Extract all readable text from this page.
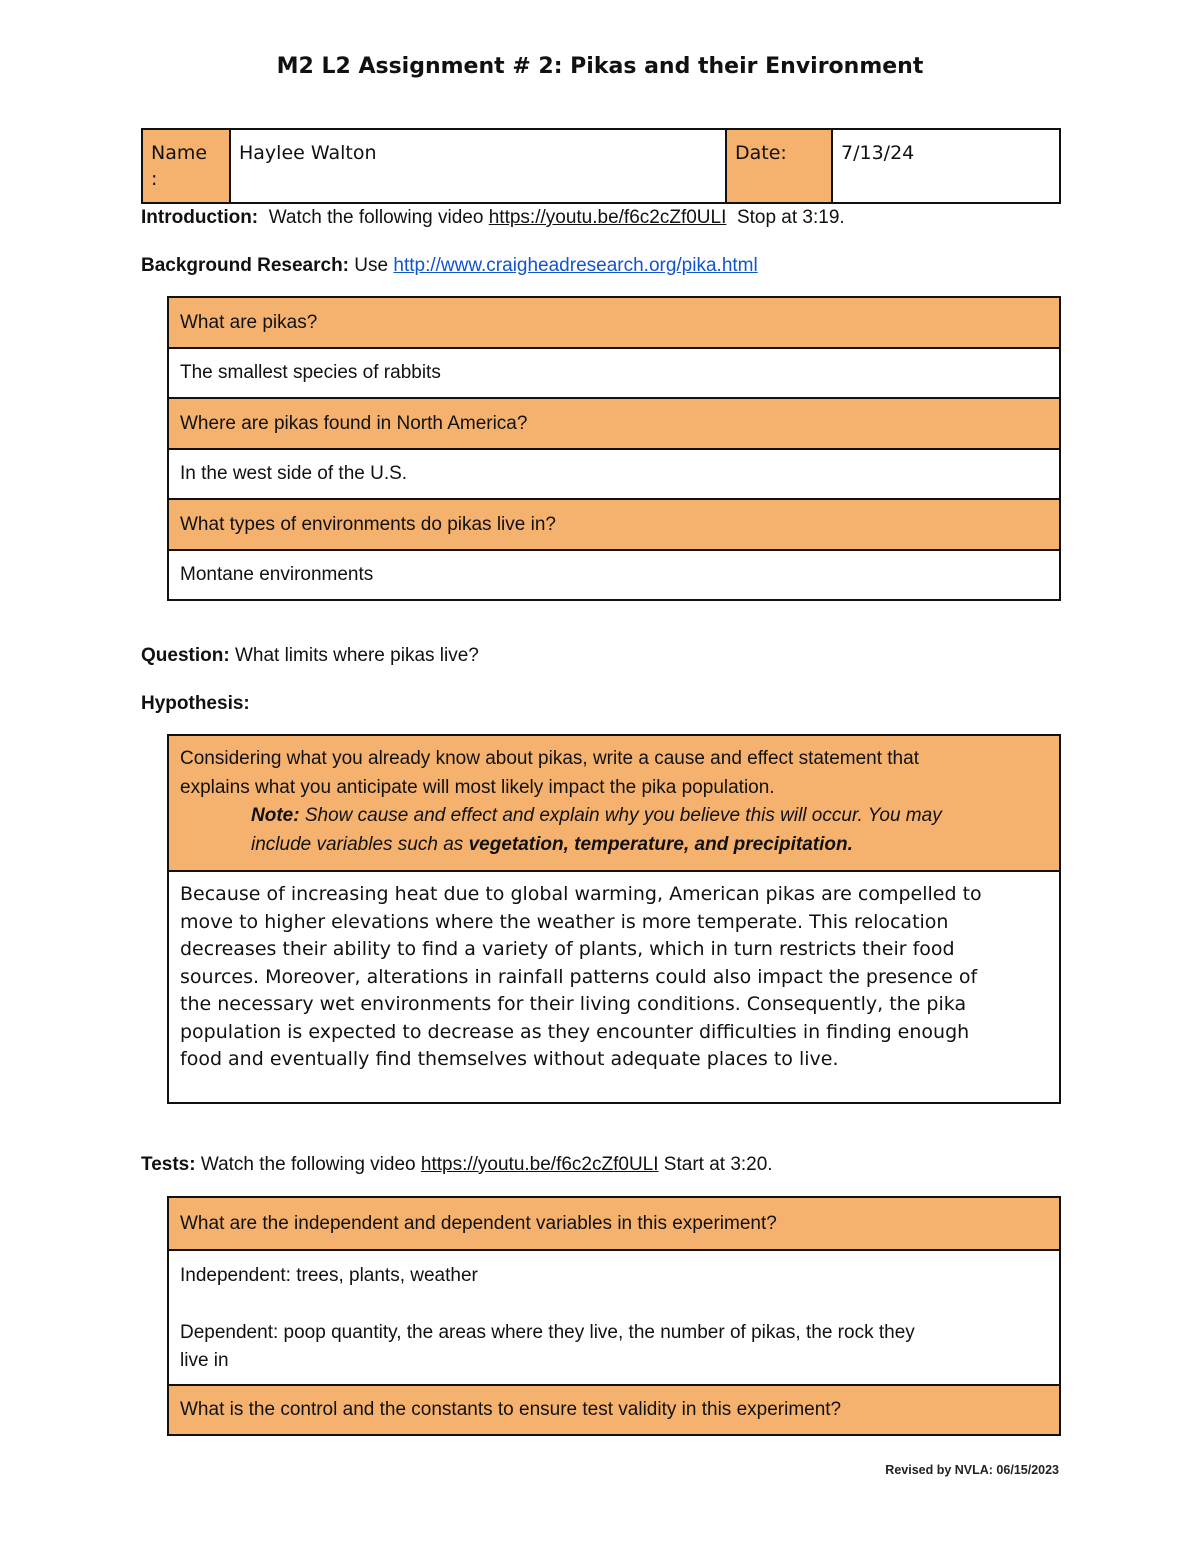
M2 L2 Assignment # 2: Pikas and their Environment
Name
:	Haylee Walton	Date:	7/13/24
Introduction: Watch the following video https://youtu.be/f6c2cZf0ULI Stop at 3:19.
Background Research: Use http://www.craigheadresearch.org/pika.html
What are pikas?
The smallest species of rabbits
Where are pikas found in North America?
In the west side of the U.S.
What types of environments do pikas live in?
Montane environments
Question: What limits where pikas live?
Hypothesis:
Considering what you already know about pikas, write a cause and effect statement that
explains what you anticipate will most likely impact the pika population.
Note: Show cause and effect and explain why you believe this will occur. You may
include variables such as vegetation, temperature, and precipitation.

Because of increasing heat due to global warming, American pikas are compelled to
move to higher elevations where the weather is more temperate. This relocation
decreases their ability to find a variety of plants, which in turn restricts their food
sources. Moreover, alterations in rainfall patterns could also impact the presence of
the necessary wet environments for their living conditions. Consequently, the pika
population is expected to decrease as they encounter difficulties in finding enough
food and eventually find themselves without adequate places to live.
Tests: Watch the following video https://youtu.be/f6c2cZf0ULI Start at 3:20.
What are the independent and dependent variables in this experiment?

Independent: trees, plants, weather
Dependent: poop quantity, the areas where they live, the number of pikas, the rock they
live in

What is the control and the constants to ensure test validity in this experiment?
Revised by NVLA: 06/15/2023
